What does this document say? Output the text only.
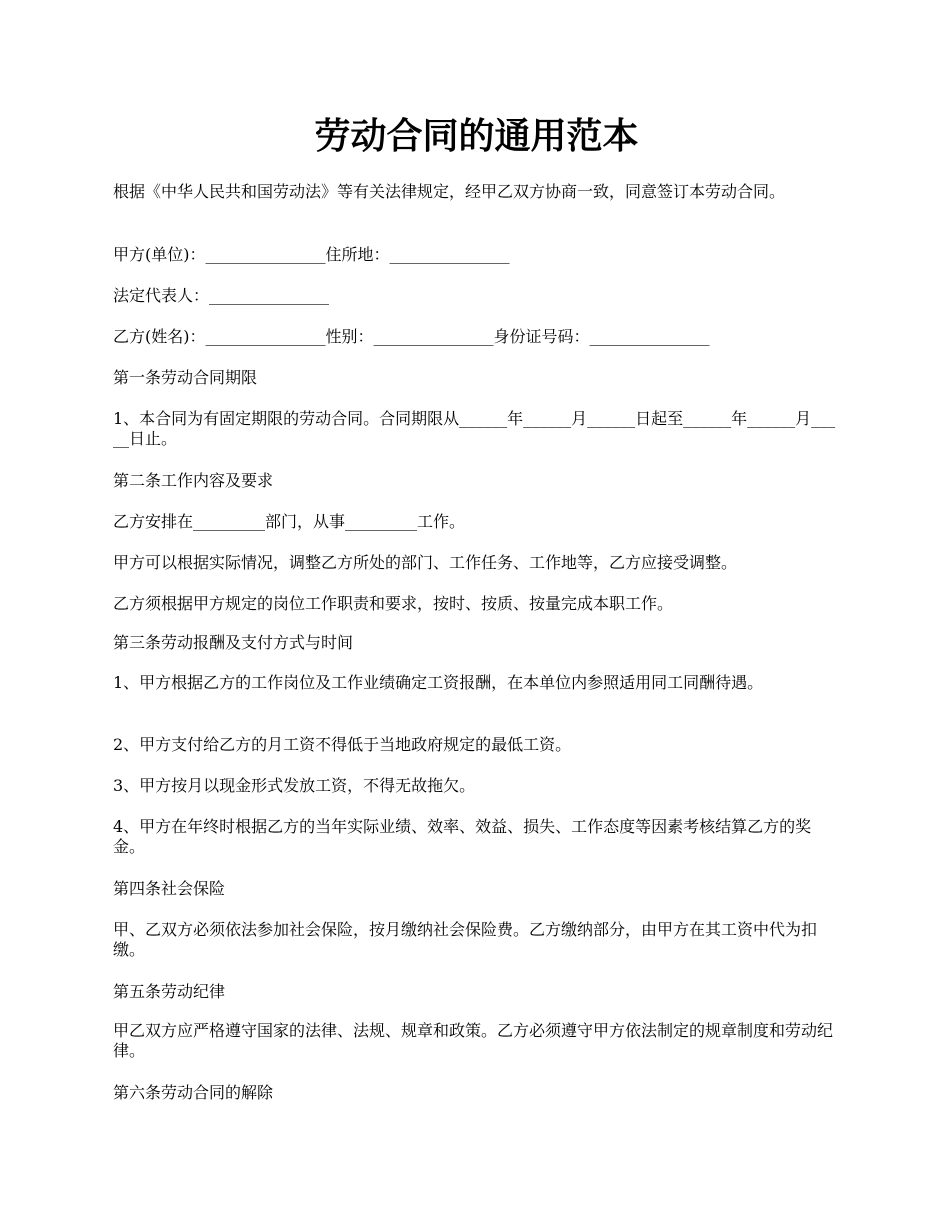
劳动合同的通用范本

根据《中华人民共和国劳动法》等有关法律规定，经甲乙双方协商一致，同意签订本劳动合同。

甲方(单位)：_______________住所地：_______________

法定代表人：_______________

乙方(姓名)：_______________性别：_______________身份证号码：_______________

第一条劳动合同期限

1、本合同为有固定期限的劳动合同。合同期限从______年______月______日起至______年______月_____日止。

第二条工作内容及要求

乙方安排在_________部门，从事_________工作。

甲方可以根据实际情况，调整乙方所处的部门、工作任务、工作地等，乙方应接受调整。

乙方须根据甲方规定的岗位工作职责和要求，按时、按质、按量完成本职工作。

第三条劳动报酬及支付方式与时间

1、甲方根据乙方的工作岗位及工作业绩确定工资报酬，在本单位内参照适用同工同酬待遇。

2、甲方支付给乙方的月工资不得低于当地政府规定的最低工资。

3、甲方按月以现金形式发放工资，不得无故拖欠。

4、甲方在年终时根据乙方的当年实际业绩、效率、效益、损失、工作态度等因素考核结算乙方的奖金。

第四条社会保险

甲、乙双方必须依法参加社会保险，按月缴纳社会保险费。乙方缴纳部分，由甲方在其工资中代为扣缴。

第五条劳动纪律

甲乙双方应严格遵守国家的法律、法规、规章和政策。乙方必须遵守甲方依法制定的规章制度和劳动纪律。

第六条劳动合同的解除
